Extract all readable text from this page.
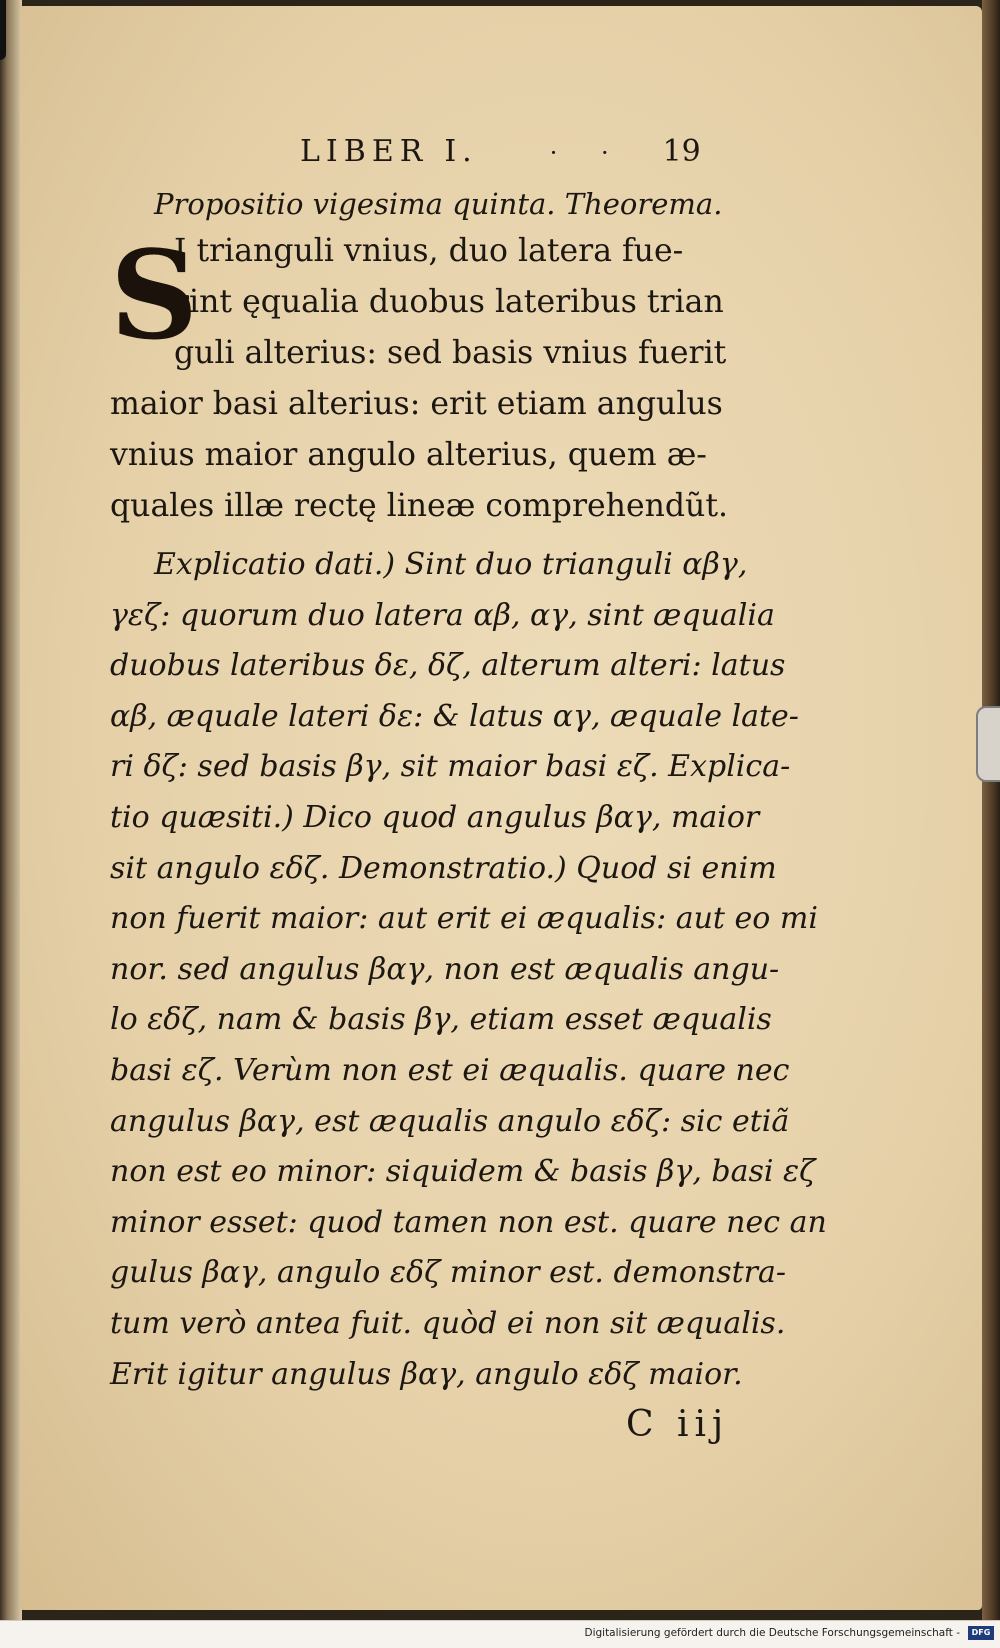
LIBER I.	· · 19
Propositio vigesima quinta. Theorema.
S
I trianguli vnius, duo latera fue-
rint ęqualia duobus lateribus trian
guli alterius: sed basis vnius fuerit
maior basi alterius: erit etiam angulus
vnius maior angulo alterius, quem æ-
quales illæ rectę lineæ comprehendũt.
Explicatio dati.) Sint duo trianguli αβγ,
γεζ: quorum duo latera αβ, αγ, sint æqualia
duobus lateribus δε, δζ, alterum alteri: latus
αβ, æquale lateri δε: & latus αγ, æquale late-
ri δζ: sed basis βγ, sit maior basi εζ. Explica-
tio quæsiti.) Dico quod angulus βαγ, maior
sit angulo εδζ. Demonstratio.) Quod si enim
non fuerit maior: aut erit ei æqualis: aut eo mi
nor. sed angulus βαγ, non est æqualis angu-
lo εδζ, nam & basis βγ, etiam esset æqualis
basi εζ. Verùm non est ei æqualis. quare nec
angulus βαγ, est æqualis angulo εδζ: sic etiã
non est eo minor: siquidem & basis βγ, basi εζ
minor esset: quod tamen non est. quare nec an
gulus βαγ, angulo εδζ minor est. demonstra-
tum verò antea fuit. quòd ei non sit æqualis.
Erit igitur angulus βαγ, angulo εδζ maior.
C iij
Digitalisierung gefördert durch die Deutsche Forschungsgemeinschaft -	DFG
